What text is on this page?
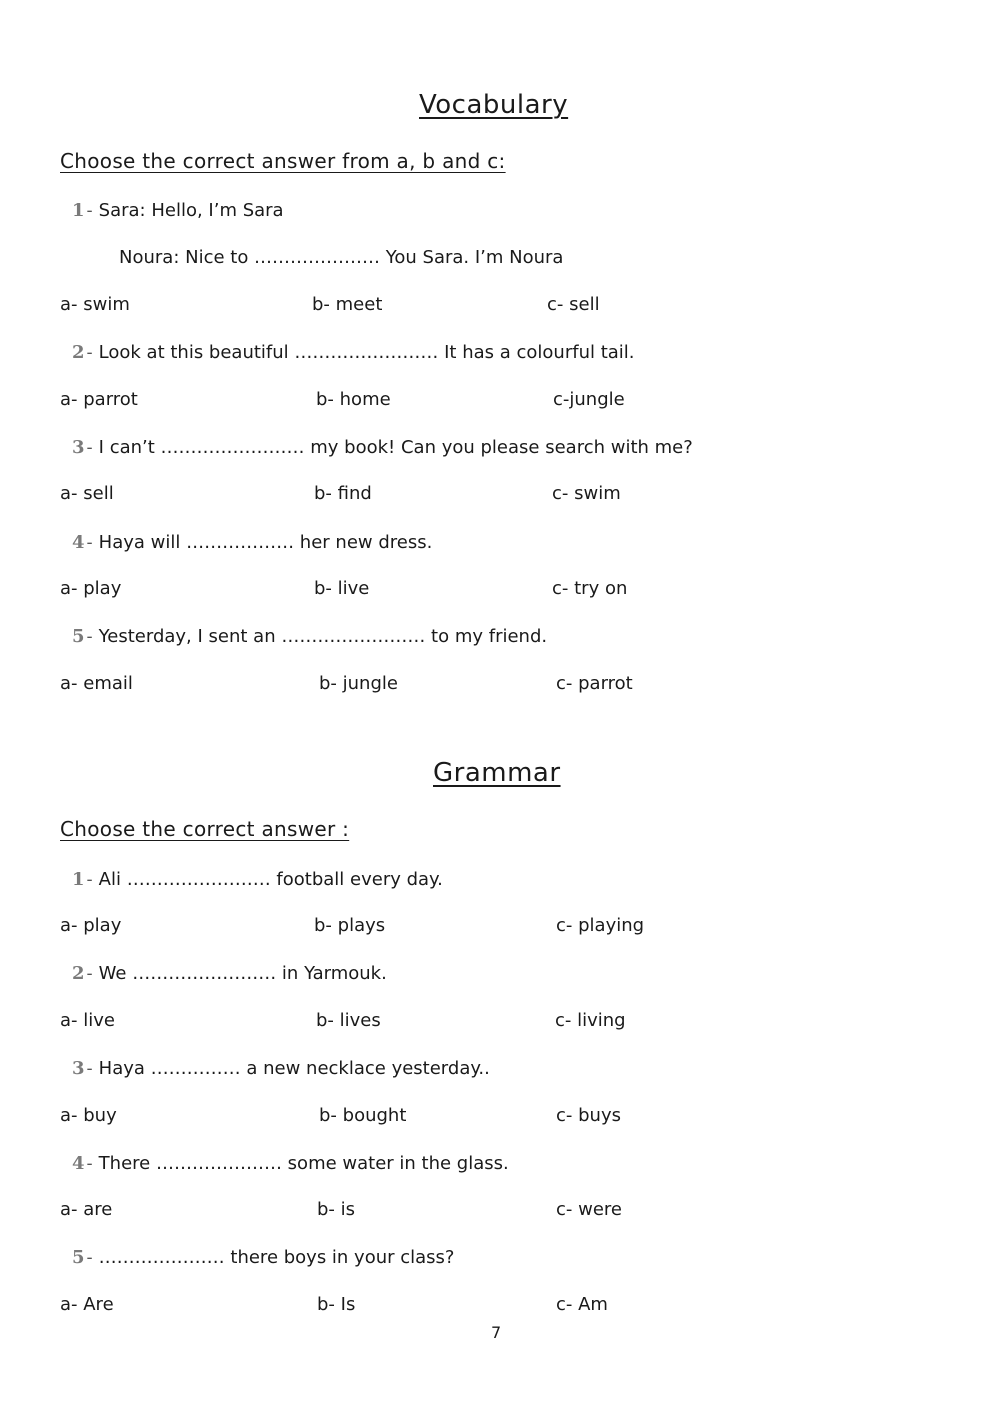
Vocabulary
Choose the correct answer from a, b and c:
1 - Sara: Hello, I’m Sara
Noura: Nice to ………………… You Sara. I’m Noura
a- swim	b- meet	c- sell
2 - Look at this beautiful …………………… It has a colourful tail.
a- parrot	b- home	c-jungle
3 - I can’t …………………… my book! Can you please search with me?
a- sell	b- find	c- swim
4 - Haya will ……………… her new dress.
a- play	b- live	c- try on
5 - Yesterday, I sent an …………………… to my friend.
a- email	b- jungle	c- parrot
Grammar
Choose the correct answer :
1 - Ali …………………… football every day.
a- play	b- plays	c- playing
2 - We …………………… in Yarmouk.
a- live	b- lives	c- living
3 - Haya …………… a new necklace yesterday..
a- buy	b- bought	c- buys
4 - There ………………… some water in the glass.
a- are	b- is	c- were
5 - ………………… there boys in your class?
a- Are	b- Is	c- Am
7
